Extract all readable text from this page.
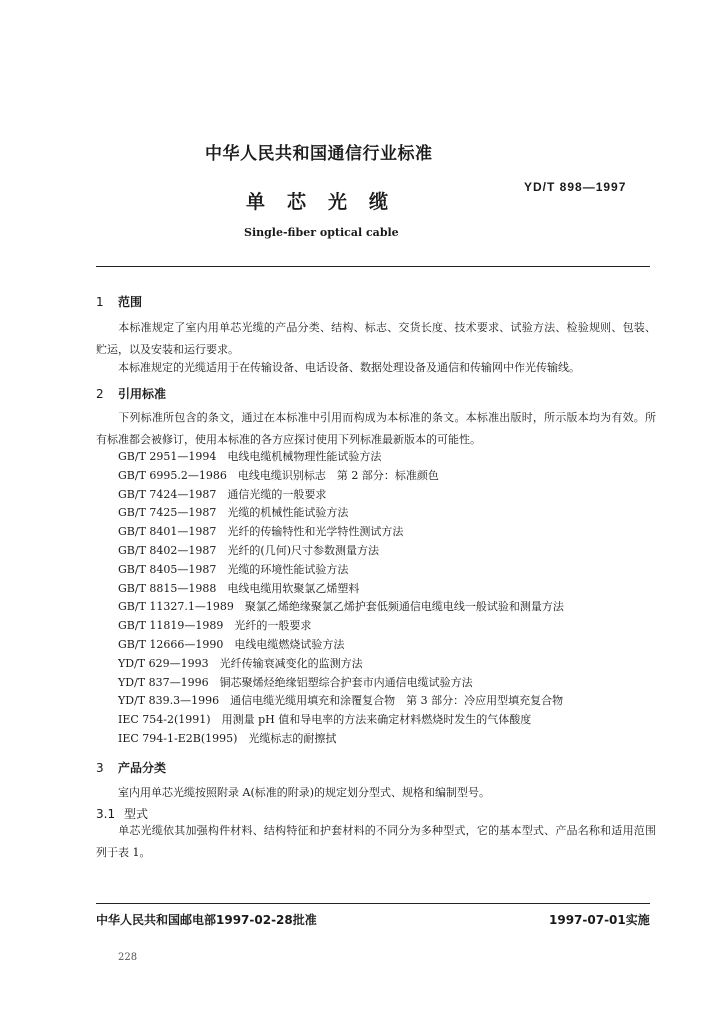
中华人民共和国通信行业标准
YD/T 898—1997
单芯光缆
Single-fiber optical cable
1 范围
本标准规定了室内用单芯光缆的产品分类、结构、标志、交货长度、技术要求、试验方法、检验规则、包装、贮运，以及安装和运行要求。
本标准规定的光缆适用于在传输设备、电话设备、数据处理设备及通信和传输网中作光传输线。
2 引用标准
下列标准所包含的条文，通过在本标准中引用而构成为本标准的条文。本标准出版时，所示版本均为有效。所有标准都会被修订，使用本标准的各方应探讨使用下列标准最新版本的可能性。
GB/T 2951—1994　电线电缆机械物理性能试验方法
GB/T 6995.2—1986　电线电缆识别标志　第 2 部分：标准颜色
GB/T 7424—1987　通信光缆的一般要求
GB/T 7425—1987　光缆的机械性能试验方法
GB/T 8401—1987　光纤的传输特性和光学特性测试方法
GB/T 8402—1987　光纤的(几何)尺寸参数测量方法
GB/T 8405—1987　光缆的环境性能试验方法
GB/T 8815—1988　电线电缆用软聚氯乙烯塑料
GB/T 11327.1—1989　聚氯乙烯绝缘聚氯乙烯护套低频通信电缆电线一般试验和测量方法
GB/T 11819—1989　光纤的一般要求
GB/T 12666—1990　电线电缆燃烧试验方法
YD/T 629—1993　光纤传输衰减变化的监测方法
YD/T 837—1996　铜芯聚烯烃绝缘铝塑综合护套市内通信电缆试验方法
YD/T 839.3—1996　通信电缆光缆用填充和涂覆复合物　第 3 部分：冷应用型填充复合物
IEC 754-2(1991)　用测量 pH 值和导电率的方法来确定材料燃烧时发生的气体酸度
IEC 794-1-E2B(1995)　光缆标志的耐擦拭
3 产品分类
室内用单芯光缆按照附录 A(标准的附录)的规定划分型式、规格和编制型号。
3.1 型式
单芯光缆依其加强构件材料、结构特征和护套材料的不同分为多种型式，它的基本型式、产品名称和适用范围列于表 1。
中华人民共和国邮电部1997-02-28批准	1997-07-01实施
228
